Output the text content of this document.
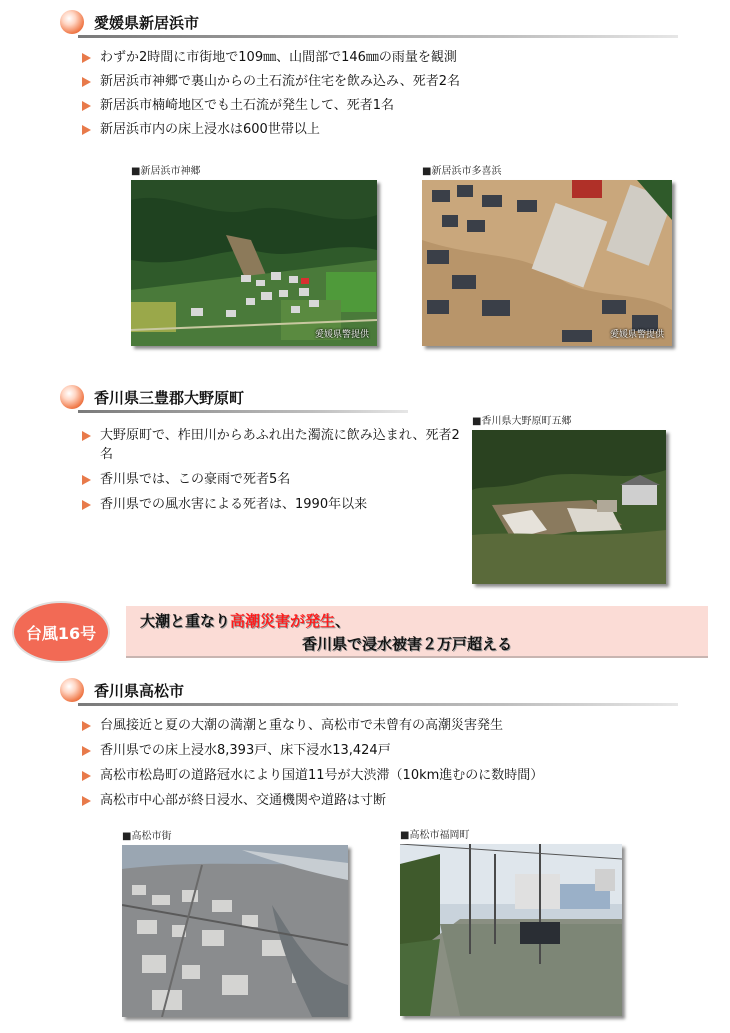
愛媛県新居浜市
わずか2時間に市街地で109㎜、山間部で146㎜の雨量を観測
新居浜市神郷で裏山からの土石流が住宅を飲み込み、死者2名
新居浜市楠崎地区でも土石流が発生して、死者1名
新居浜市内の床上浸水は600世帯以上
■新居浜市神郷
愛媛県警提供
■新居浜市多喜浜
愛媛県警提供
香川県三豊郡大野原町
大野原町で、柞田川からあふれ出た濁流に飲み込まれ、死者2名
香川県では、この豪雨で死者5名
香川県での風水害による死者は、1990年以来
■香川県大野原町五郷
台風16号
大潮と重なり高潮災害が発生、
香川県で浸水被害２万戸超える
香川県高松市
台風接近と夏の大潮の満潮と重なり、高松市で未曾有の高潮災害発生
香川県での床上浸水8,393戸、床下浸水13,424戸
高松市松島町の道路冠水により国道11号が大渋滞（10km進むのに数時間）
高松市中心部が終日浸水、交通機関や道路は寸断
■高松市街	■高松市福岡町
